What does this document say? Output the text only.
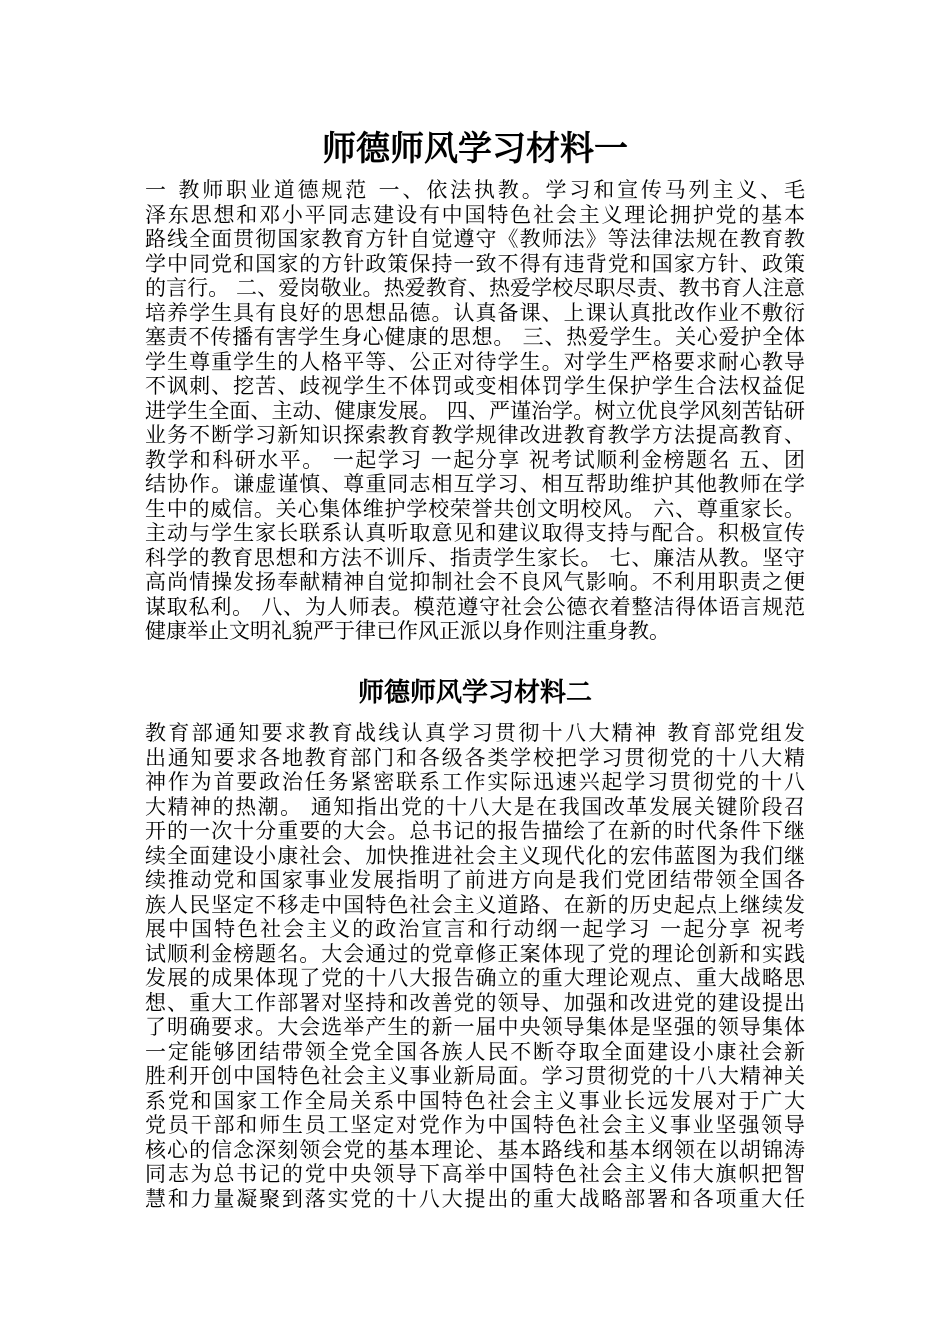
师德师风学习材料一
一 教师职业道德规范 一、依法执教。学习和宣传马列主义、毛
泽东思想和邓小平同志建设有中国特色社会主义理论拥护党的基本
路线全面贯彻国家教育方针自觉遵守《教师法》等法律法规在教育教
学中同党和国家的方针政策保持一致不得有违背党和国家方针、政策
的言行。 二、爱岗敬业。热爱教育、热爱学校尽职尽责、教书育人注意
培养学生具有良好的思想品德。认真备课、上课认真批改作业不敷衍
塞责不传播有害学生身心健康的思想。 三、热爱学生。关心爱护全体
学生尊重学生的人格平等、公正对待学生。对学生严格要求耐心教导
不讽刺、挖苦、歧视学生不体罚或变相体罚学生保护学生合法权益促
进学生全面、主动、健康发展。 四、严谨治学。树立优良学风刻苦钻研
业务不断学习新知识探索教育教学规律改进教育教学方法提高教育、
教学和科研水平。 一起学习 一起分享 祝考试顺利金榜题名 五、团
结协作。谦虚谨慎、尊重同志相互学习、相互帮助维护其他教师在学
生中的威信。关心集体维护学校荣誉共创文明校风。 六、尊重家长。
主动与学生家长联系认真听取意见和建议取得支持与配合。积极宣传
科学的教育思想和方法不训斥、指责学生家长。 七、廉洁从教。坚守
高尚情操发扬奉献精神自觉抑制社会不良风气影响。不利用职责之便
谋取私利。 八、为人师表。模范遵守社会公德衣着整洁得体语言规范
健康举止文明礼貌严于律已作风正派以身作则注重身教。
师德师风学习材料二
教育部通知要求教育战线认真学习贯彻十八大精神 教育部党组发
出通知要求各地教育部门和各级各类学校把学习贯彻党的十八大精
神作为首要政治任务紧密联系工作实际迅速兴起学习贯彻党的十八
大精神的热潮。 通知指出党的十八大是在我国改革发展关键阶段召
开的一次十分重要的大会。总书记的报告描绘了在新的时代条件下继
续全面建设小康社会、加快推进社会主义现代化的宏伟蓝图为我们继
续推动党和国家事业发展指明了前进方向是我们党团结带领全国各
族人民坚定不移走中国特色社会主义道路、在新的历史起点上继续发
展中国特色社会主义的政治宣言和行动纲一起学习 一起分享 祝考
试顺利金榜题名。大会通过的党章修正案体现了党的理论创新和实践
发展的成果体现了党的十八大报告确立的重大理论观点、重大战略思
想、重大工作部署对坚持和改善党的领导、加强和改进党的建设提出
了明确要求。大会选举产生的新一届中央领导集体是坚强的领导集体
一定能够团结带领全党全国各族人民不断夺取全面建设小康社会新
胜利开创中国特色社会主义事业新局面。学习贯彻党的十八大精神关
系党和国家工作全局关系中国特色社会主义事业长远发展对于广大
党员干部和师生员工坚定对党作为中国特色社会主义事业坚强领导
核心的信念深刻领会党的基本理论、基本路线和基本纲领在以胡锦涛
同志为总书记的党中央领导下高举中国特色社会主义伟大旗帜把智
慧和力量凝聚到落实党的十八大提出的重大战略部署和各项重大任
